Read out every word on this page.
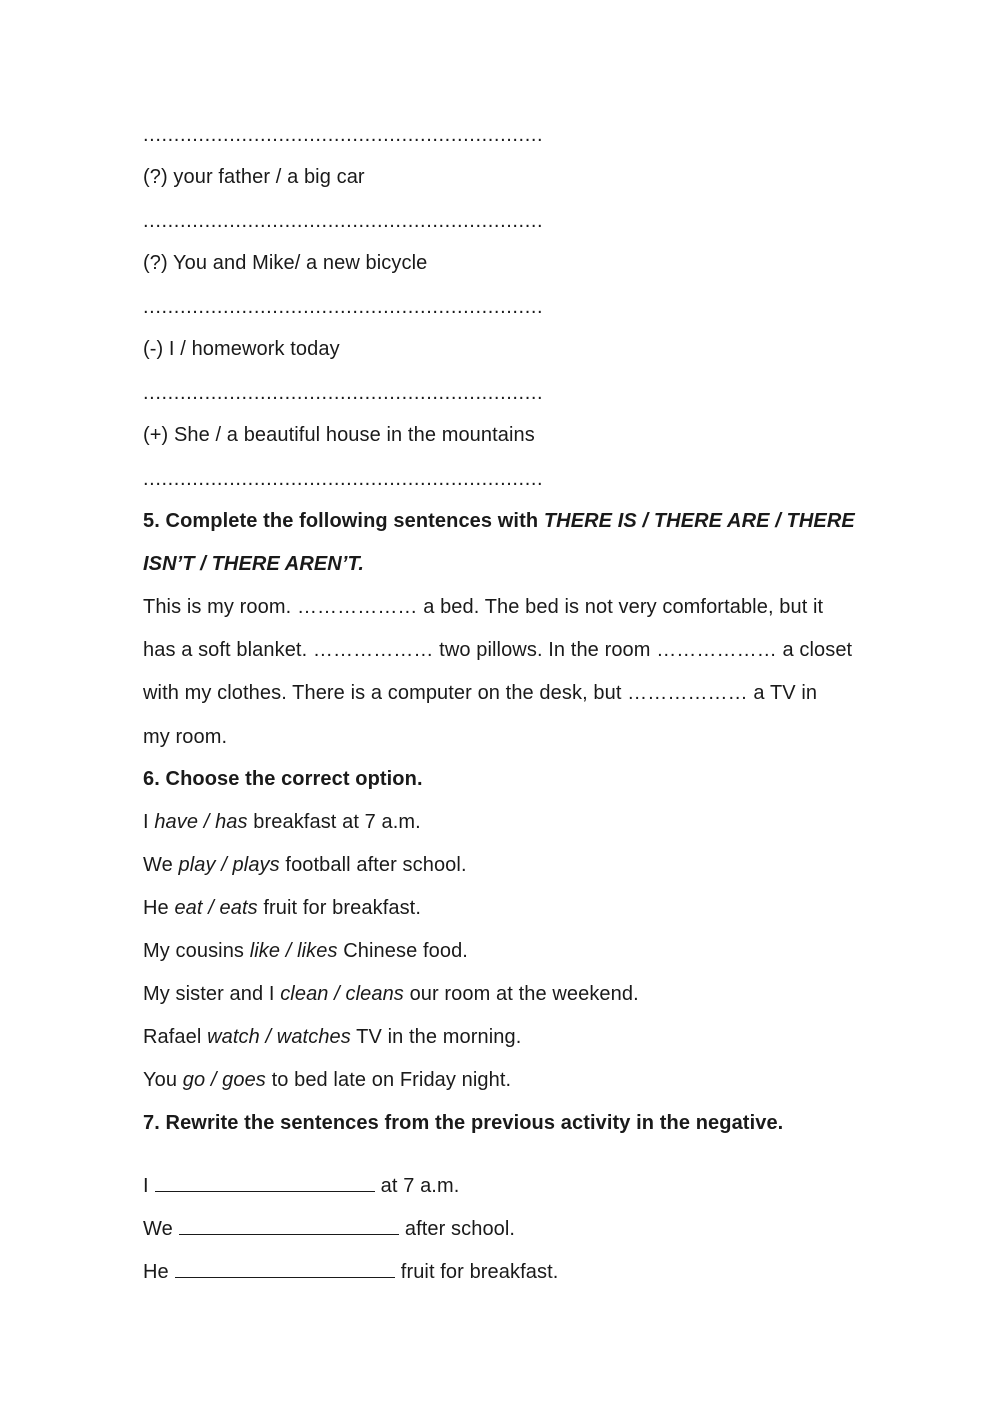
.................................................................
(?) your father / a big car
.................................................................
(?) You and Mike/ a new bicycle
.................................................................
(-) I / homework today
.................................................................
(+) She / a beautiful house in the mountains
.................................................................
5. Complete the following sentences with THERE IS / THERE ARE / THERE
ISN’T / THERE AREN’T.
This is my room. ……………… a bed. The bed is not very comfortable, but it
has a soft blanket. ……………… two pillows. In the room ……………… a closet
with my clothes. There is a computer on the desk, but ……………… a TV in
my room.
6. Choose the correct option.
I have / has breakfast at 7 a.m.
We play / plays football after school.
He eat / eats fruit for breakfast.
My cousins like / likes Chinese food.
My sister and I clean / cleans our room at the weekend.
Rafael watch / watches TV in the morning.
You go / goes to bed late on Friday night.
7. Rewrite the sentences from the previous activity in the negative.
I	at 7 a.m.
We	after school.
He	fruit for breakfast.
